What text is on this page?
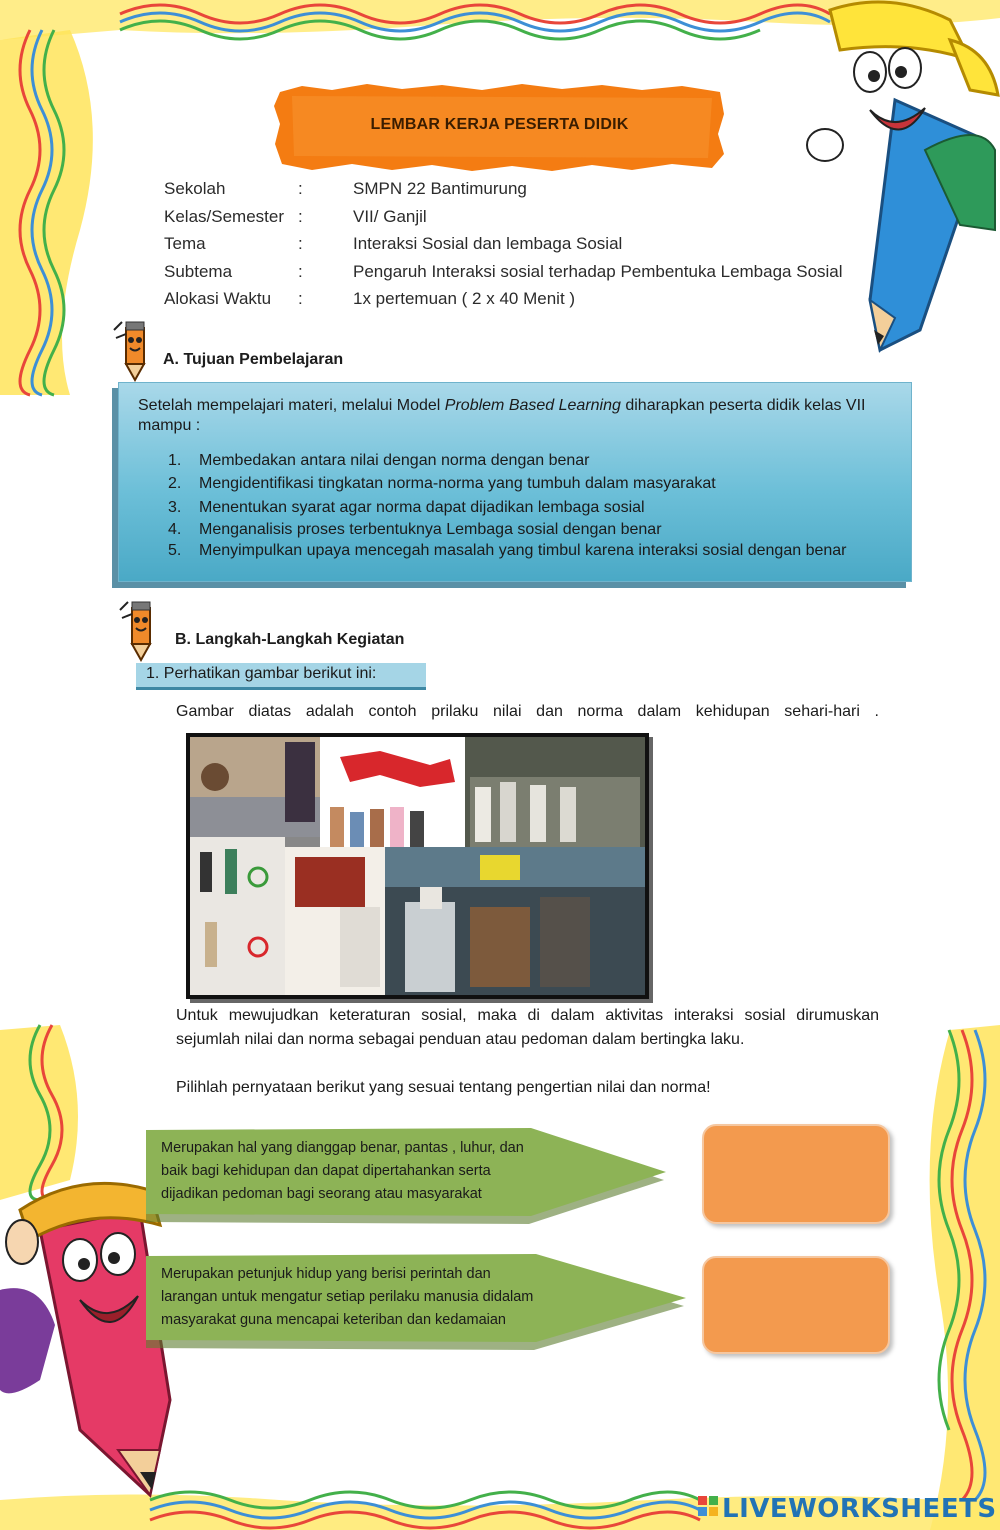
LEMBAR KERJA PESERTA DIDIK
Sekolah	:	SMPN 22 Bantimurung
Kelas/Semester :	VII/ Ganjil
Tema	:	Interaksi Sosial dan lembaga Sosial
Subtema	:	Pengaruh Interaksi sosial terhadap Pembentuka Lembaga Sosial
Alokasi Waktu	:	1x pertemuan ( 2 x 40 Menit )
A. Tujuan Pembelajaran
Setelah mempelajari materi, melalui Model Problem Based Learning diharapkan peserta didik kelas VII mampu :
1. Membedakan antara nilai dengan norma dengan benar
2. Mengidentifikasi tingkatan norma-norma yang tumbuh dalam masyarakat
3. Menentukan syarat agar norma dapat dijadikan lembaga sosial
4. Menganalisis proses terbentuknya Lembaga sosial dengan benar
5. Menyimpulkan upaya mencegah masalah yang timbul karena interaksi sosial dengan benar
B. Langkah-Langkah Kegiatan
1. Perhatikan gambar berikut ini:
Gambar diatas adalah contoh prilaku nilai dan norma dalam kehidupan sehari-hari .
Untuk mewujudkan keteraturan sosial, maka di dalam aktivitas interaksi sosial dirumuskan sejumlah nilai dan norma sebagai penduan atau pedoman dalam bertingka laku.
Pilihlah pernyataan berikut yang sesuai tentang pengertian nilai dan norma!
Merupakan hal yang dianggap benar, pantas , luhur, dan
baik bagi kehidupan dan dapat dipertahankan serta
dijadikan pedoman bagi seorang atau masyarakat
Merupakan petunjuk hidup yang berisi perintah dan
larangan untuk mengatur setiap perilaku manusia didalam
masyarakat guna mencapai keteriban dan kedamaian
LIVEWORKSHEETS
